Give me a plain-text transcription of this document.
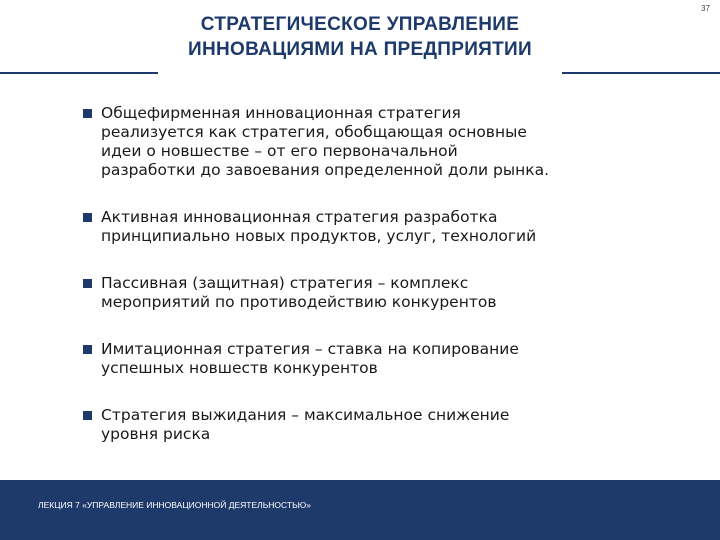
37
СТРАТЕГИЧЕСКОЕ УПРАВЛЕНИЕ
ИННОВАЦИЯМИ НА ПРЕДПРИЯТИИ
Общефирменная инновационная стратегия
реализуется как стратегия, обобщающая основные
идеи о новшестве – от его первоначальной
разработки до завоевания определенной доли рынка.
Активная инновационная стратегия разработка
принципиально новых продуктов, услуг, технологий
Пассивная (защитная) стратегия – комплекс
мероприятий по противодействию конкурентов
Имитационная стратегия – ставка на копирование
успешных новшеств конкурентов
Стратегия выжидания – максимальное снижение
уровня риска
ЛЕКЦИЯ 7 «УПРАВЛЕНИЕ ИННОВАЦИОННОЙ ДЕЯТЕЛЬНОСТЬЮ»
